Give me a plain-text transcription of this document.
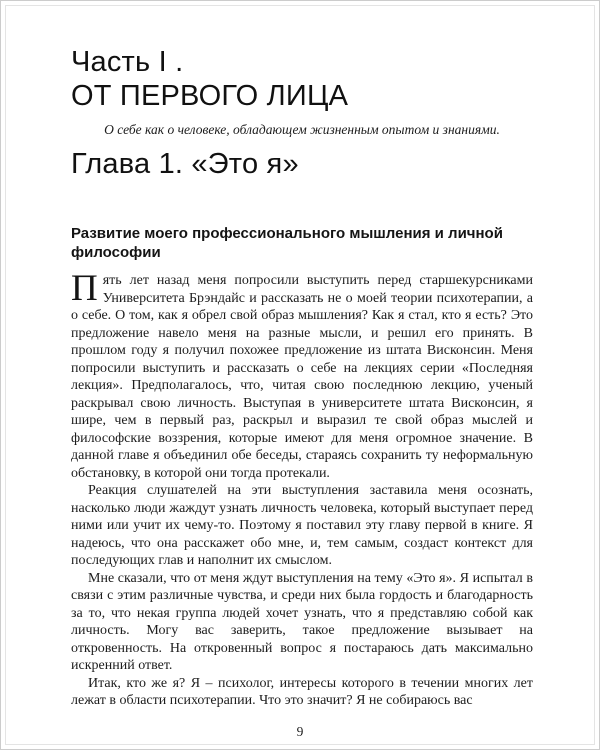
Часть I .
ОТ ПЕРВОГО ЛИЦА
О себе как о человеке, обладающем жизненным опытом и знаниями.
Глава 1. «Это я»
Развитие моего профессионального мышления и личной философии

Пять лет назад меня попросили выступить перед старшекурсниками Университета Брэндайс и рассказать не о моей теории психотерапии, а о себе. О том, как я обрел свой образ мышления? Как я стал, кто я есть? Это предложение навело меня на разные мысли, и решил его принять. В прошлом году я получил похожее предложение из штата Висконсин. Меня попросили выступить и рассказать о себе на лекциях серии «Последняя лекция». Предполагалось, что, читая свою последнюю лекцию, ученый раскрывал свою личность. Выступая в университете штата Висконсин, я шире, чем в первый раз, раскрыл и выразил те свой образ мыслей и философские воззрения, которые имеют для меня огромное значение. В данной главе я объединил обе беседы, стараясь сохранить ту неформальную обстановку, в которой они тогда протекали.

Реакция слушателей на эти выступления заставила меня осознать, насколько люди жаждут узнать личность человека, который выступает перед ними или учит их чему-то. Поэтому я поставил эту главу первой в книге. Я надеюсь, что она расскажет обо мне, и, тем самым, создаст контекст для последующих глав и наполнит их смыслом.

Мне сказали, что от меня ждут выступления на тему «Это я». Я испытал в связи с этим различные чувства, и среди них была гордость и благодарность за то, что некая группа людей хочет узнать, что я представляю собой как личность. Могу вас заверить, такое предложение вызывает на откровенность. На откровенный вопрос я постараюсь дать максимально искренний ответ.

Итак, кто же я? Я – психолог, интересы которого в течении многих лет лежат в области психотерапии. Что это значит? Я не собираюсь вас

9
